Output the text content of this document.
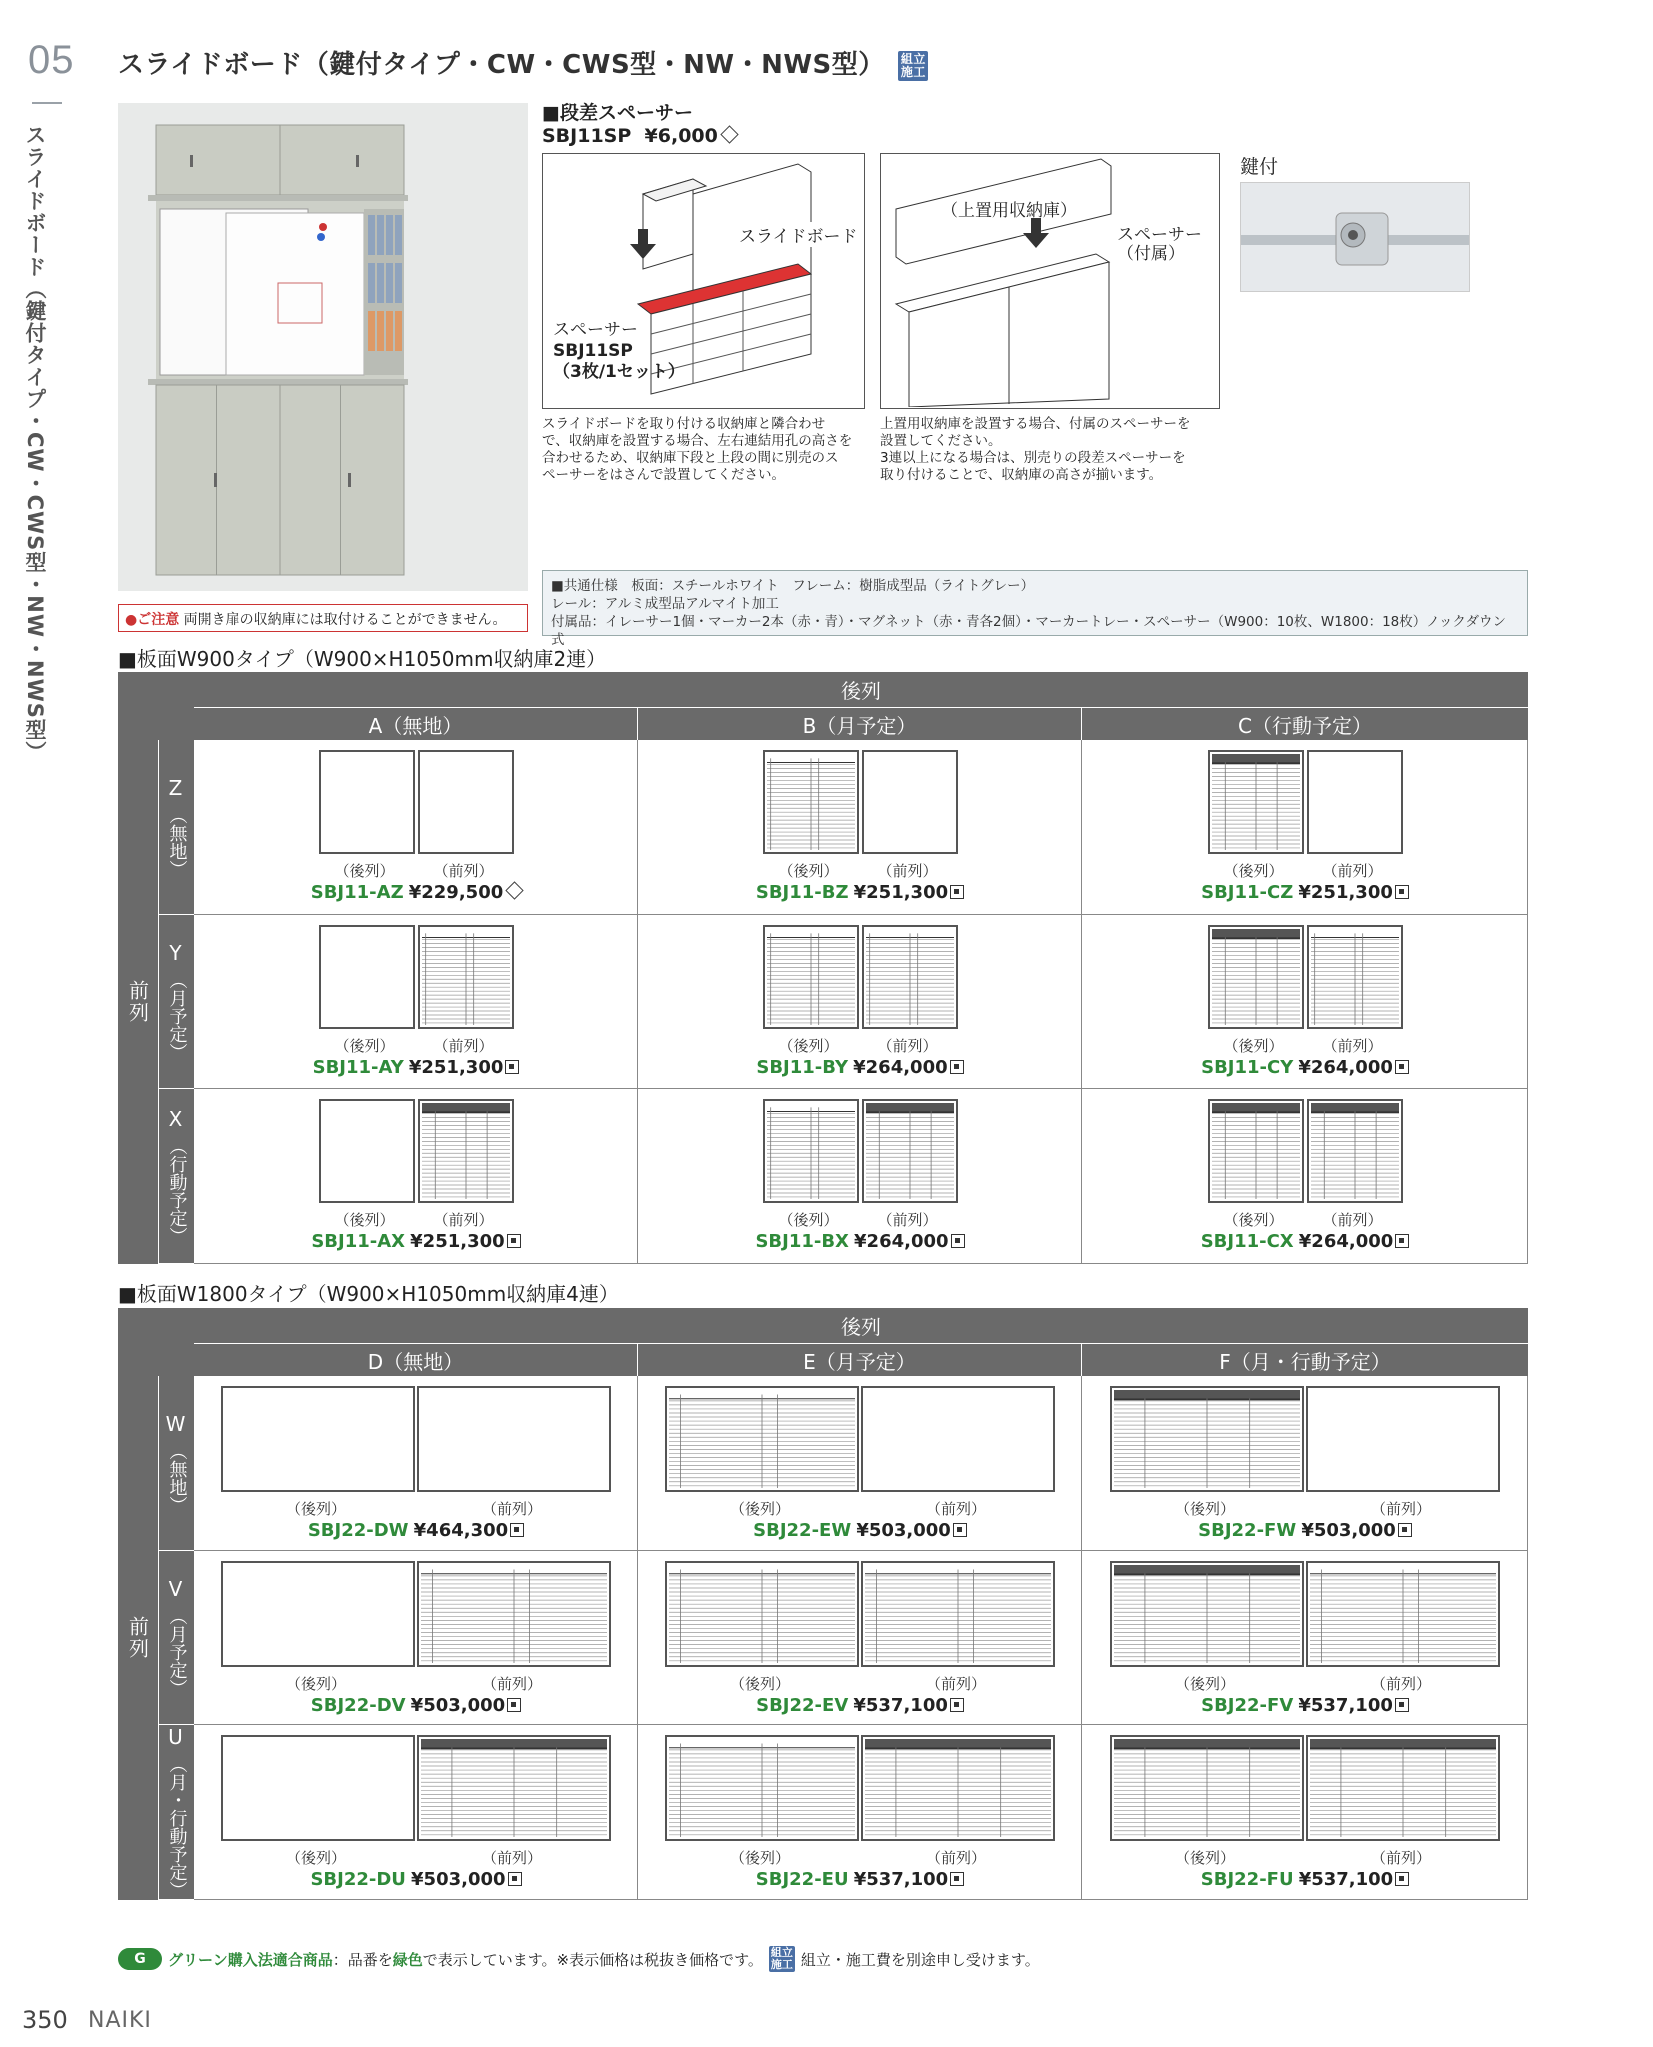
05
スライドボード（鍵付タイプ・CW・CWS型・NW・NWS型）
スライドボード（鍵付タイプ・CW・CWS型・NW・NWS型） 組立
施工
●ご注意 両開き扉の収納庫には取付けることができません。
■段差スペーサー
SBJ11SP ¥6,000
スライドボード
スペーサー
SBJ11SP
（3枚/1セット）
（上置用収納庫）
スペーサー
（付属）
スライドボードを取り付ける収納庫と隣合わせ
で、収納庫を設置する場合、左右連結用孔の高さを
合わせるため、収納庫下段と上段の間に別売のス
ペーサーをはさんで設置してください。
上置用収納庫を設置する場合、付属のスペーサーを
設置してください。
3連以上になる場合は、別売りの段差スペーサーを
取り付けることで、収納庫の高さが揃います。
鍵付
■共通仕様　板面：スチールホワイト　フレーム：樹脂成型品（ライトグレー）
レール：アルミ成型品アルマイト加工
付属品：イレーサー1個・マーカー2本（赤・青）・マグネット（赤・青各2個）・マーカートレー・スペーサー（W900：10枚、W1800：18枚）ノックダウン式
■板面W900タイプ（W900×H1050mm収納庫2連）
後列
A（無地）	B（月予定）	C（行動予定）
前列
Z
（無地）	（後列）	（前列）
SBJ11-AZ ¥229,500
（後列）	（前列）
SBJ11-BZ ¥251,300
（後列）	（前列）
SBJ11-CZ ¥251,300
Y
（月予定）	（後列）	（前列）
SBJ11-AY ¥251,300
（後列）	（前列）
SBJ11-BY ¥264,000
（後列）	（前列）
SBJ11-CY ¥264,000
X
（行動予定）	（後列）	（前列）
SBJ11-AX ¥251,300
（後列）	（前列）
SBJ11-BX ¥264,000
（後列）	（前列）
SBJ11-CX ¥264,000
■板面W1800タイプ（W900×H1050mm収納庫4連）
後列
D（無地）	E（月予定）	F（月・行動予定）
前列
W
（無地）	（後列）	（前列）
SBJ22-DW ¥464,300
（後列）	（前列）
SBJ22-EW ¥503,000
（後列）	（前列）
SBJ22-FW ¥503,000
V
（月予定）	（後列）	（前列）
SBJ22-DV ¥503,000
（後列）	（前列）
SBJ22-EV ¥537,100
（後列）	（前列）
SBJ22-FV ¥537,100
U
（月・行動予定）	（後列）	（前列）
SBJ22-DU ¥503,000
（後列）	（前列）
SBJ22-EU ¥537,100
（後列）	（前列）
SBJ22-FU ¥537,100
G	グリーン購入法適合商品 ：品番を 緑色 で表示しています。※表示価格は税抜き価格です。 組立
施工 組立・施工費を別途申し受けます。
350 NAIKI
